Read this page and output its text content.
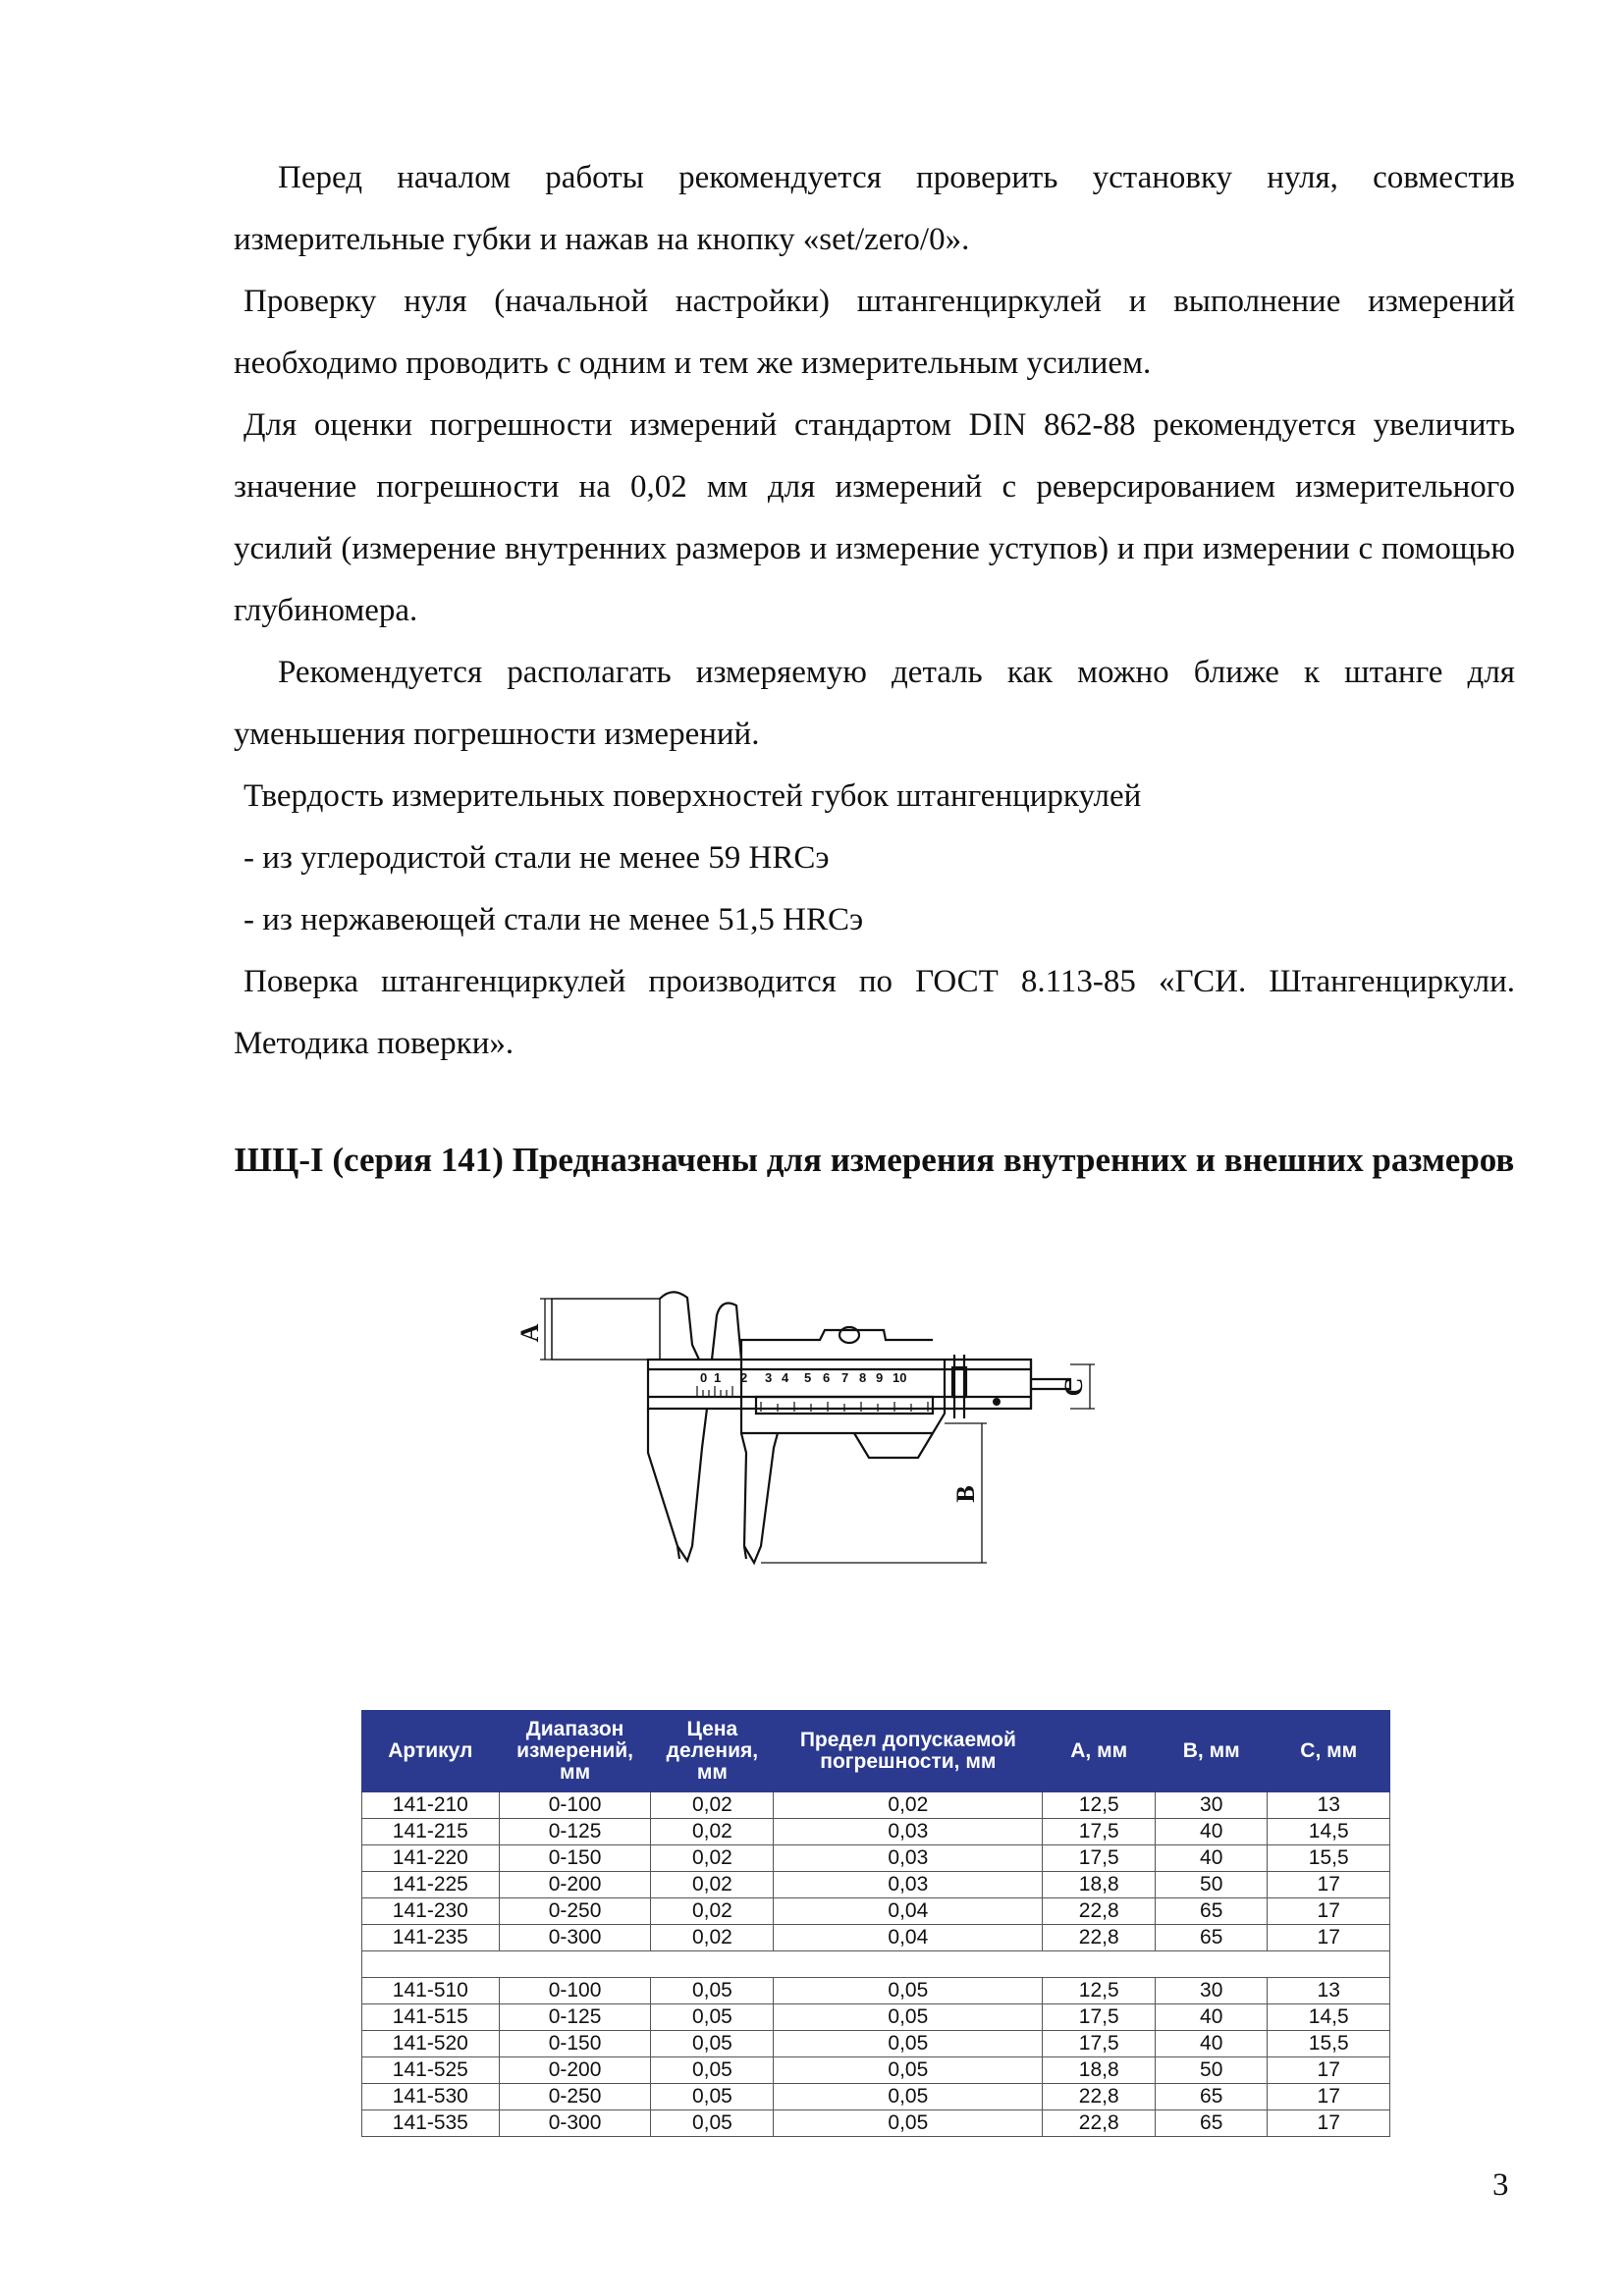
Перед началом работы рекомендуется проверить установку нуля, совместив измерительные губки и нажав на кнопку «set/zero/0».

Проверку нуля (начальной настройки) штангенциркулей и выполнение измерений необходимо проводить с одним и тем же измерительным усилием.

Для оценки погрешности измерений стандартом DIN 862-88 рекомендуется увеличить значение погрешности на 0,02 мм для измерений с реверсированием измерительного усилий (измерение внутренних размеров и измерение уступов) и при измерении с помощью глубиномера.

Рекомендуется располагать измеряемую деталь как можно ближе к штанге для уменьшения погрешности измерений.

Твердость измерительных поверхностей губок штангенциркулей

- из углеродистой стали не менее 59 HRCэ

- из нержавеющей стали не менее 51,5 HRCэ

Поверка штангенциркулей производится по ГОСТ 8.113-85 «ГСИ. Штангенциркули. Методика поверки».

ШЦ-I (серия 141) Предназначены для измерения внутренних и внешних размеров
0 1 2 3 4 5 6 7 8 9 10
A
C
B
Артикул	Диапазон измерений, мм	Цена деления, мм	Предел допускаемой погрешности, мм	A, мм	B, мм	C, мм
141-210	0-100	0,02	0,02	12,5	30	13
141-215	0-125	0,02	0,03	17,5	40	14,5
141-220	0-150	0,02	0,03	17,5	40	15,5
141-225	0-200	0,02	0,03	18,8	50	17
141-230	0-250	0,02	0,04	22,8	65	17
141-235	0-300	0,02	0,04	22,8	65	17

141-510	0-100	0,05	0,05	12,5	30	13
141-515	0-125	0,05	0,05	17,5	40	14,5
141-520	0-150	0,05	0,05	17,5	40	15,5
141-525	0-200	0,05	0,05	18,8	50	17
141-530	0-250	0,05	0,05	22,8	65	17
141-535	0-300	0,05	0,05	22,8	65	17
3
